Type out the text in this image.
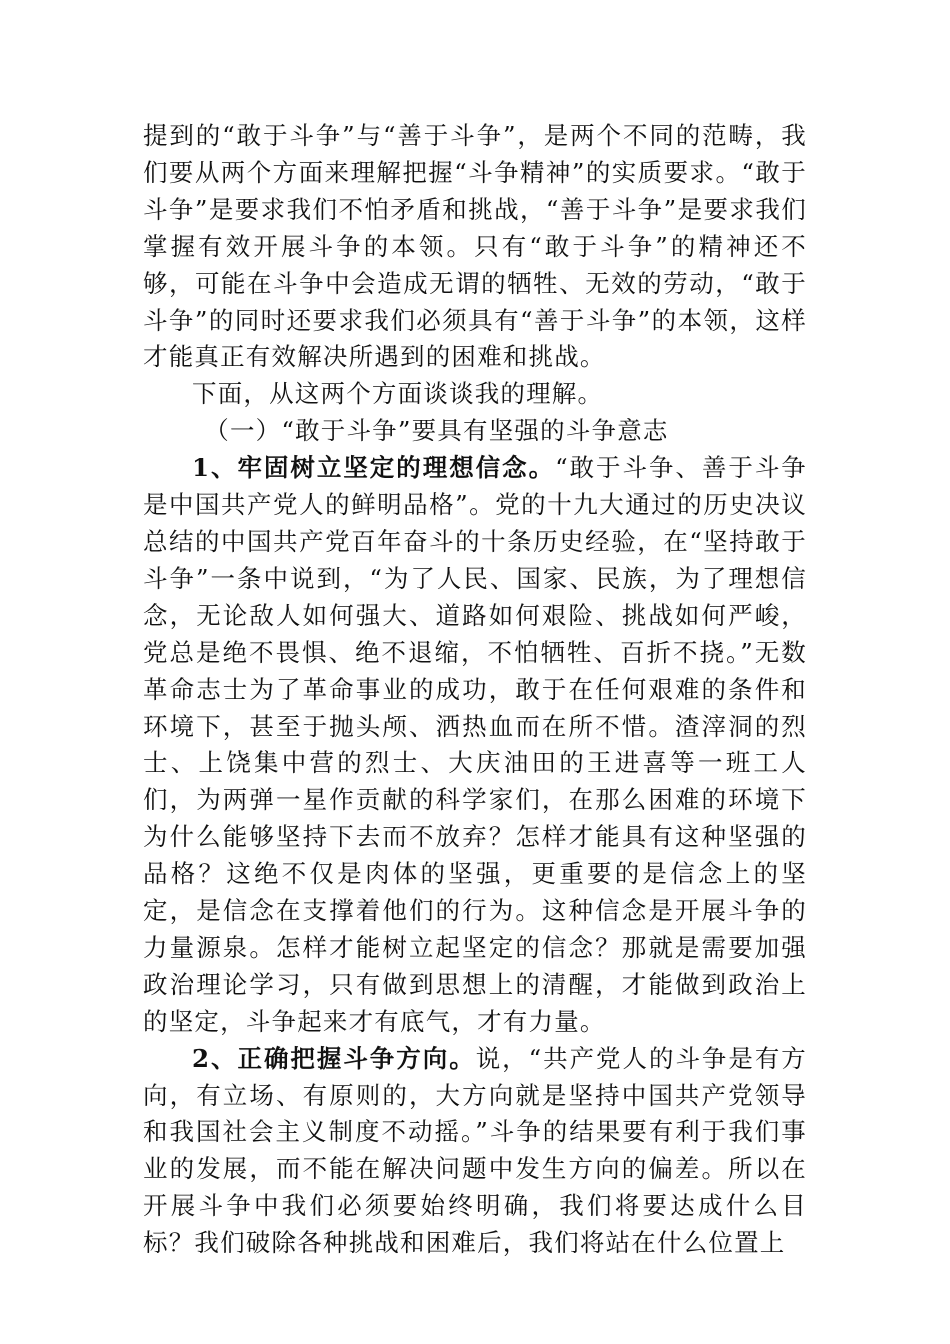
提到的“敢于斗争”与“善于斗争”，是两个不同的范畴，我们要从两个方面来理解把握“斗争精神”的实质要求。“敢于斗争”是要求我们不怕矛盾和挑战，“善于斗争”是要求我们掌握有效开展斗争的本领。只有“敢于斗争”的精神还不够，可能在斗争中会造成无谓的牺牲、无效的劳动，“敢于斗争”的同时还要求我们必须具有“善于斗争”的本领，这样才能真正有效解决所遇到的困难和挑战。

下面，从这两个方面谈谈我的理解。

（一）“敢于斗争”要具有坚强的斗争意志

1、牢固树立坚定的理想信念。“敢于斗争、善于斗争是中国共产党人的鲜明品格”。党的十九大通过的历史决议总结的中国共产党百年奋斗的十条历史经验，在“坚持敢于斗争”一条中说到，“为了人民、国家、民族，为了理想信念，无论敌人如何强大、道路如何艰险、挑战如何严峻，党总是绝不畏惧、绝不退缩，不怕牺牲、百折不挠。”无数革命志士为了革命事业的成功，敢于在任何艰难的条件和环境下，甚至于抛头颅、洒热血而在所不惜。渣滓洞的烈士、上饶集中营的烈士、大庆油田的王进喜等一班工人们，为两弹一星作贡献的科学家们，在那么困难的环境下为什么能够坚持下去而不放弃？怎样才能具有这种坚强的品格？这绝不仅是肉体的坚强，更重要的是信念上的坚定，是信念在支撑着他们的行为。这种信念是开展斗争的力量源泉。怎样才能树立起坚定的信念？那就是需要加强政治理论学习，只有做到思想上的清醒，才能做到政治上的坚定，斗争起来才有底气，才有力量。

2、正确把握斗争方向。说，“共产党人的斗争是有方向，有立场、有原则的，大方向就是坚持中国共产党领导和我国社会主义制度不动摇。”斗争的结果要有利于我们事业的发展，而不能在解决问题中发生方向的偏差。所以在开展斗争中我们必须要始终明确，我们将要达成什么目标？我们破除各种挑战和困难后，我们将站在什么位置上
